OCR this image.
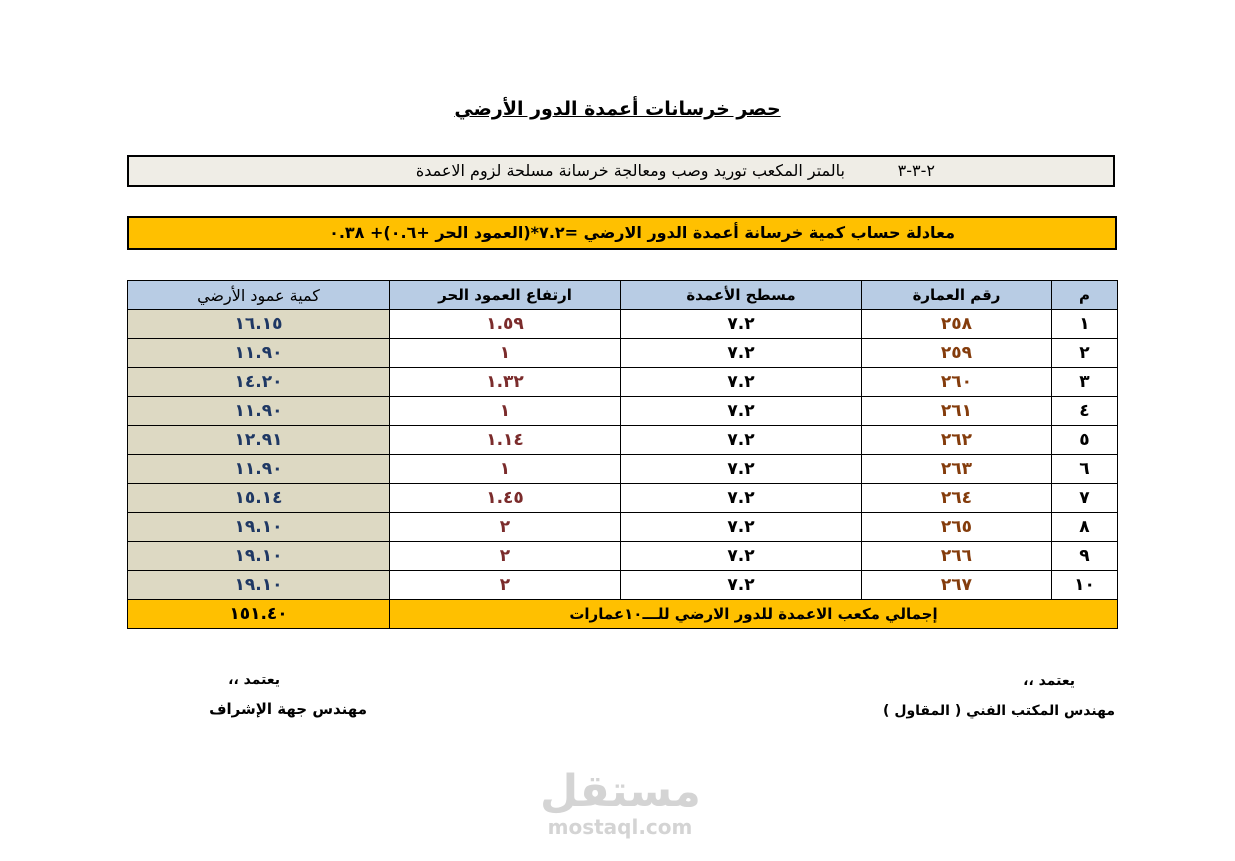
حصر خرسانات أعمدة الدور الأرضي
٢-٣-٣
بالمتر المكعب توريد وصب ومعالجة خرسانة مسلحة لزوم الاعمدة
معادلة حساب كمية خرسانة أعمدة الدور الارضي =٧.٢*(العمود الحر +٠.٦)+ ٠.٣٨
م	رقم العمارة	مسطح الأعمدة	ارتفاع العمود الحر	كمية عمود الأرضي
١	٢٥٨	٧.٢	١.٥٩	١٦.١٥
٢	٢٥٩	٧.٢	١	١١.٩٠
٣	٢٦٠	٧.٢	١.٣٢	١٤.٢٠
٤	٢٦١	٧.٢	١	١١.٩٠
٥	٢٦٢	٧.٢	١.١٤	١٢.٩١
٦	٢٦٣	٧.٢	١	١١.٩٠
٧	٢٦٤	٧.٢	١.٤٥	١٥.١٤
٨	٢٦٥	٧.٢	٢	١٩.١٠
٩	٢٦٦	٧.٢	٢	١٩.١٠
١٠	٢٦٧	٧.٢	٢	١٩.١٠
إجمالي مكعب الاعمدة للدور الارضي للـــ١٠عمارات				١٥١.٤٠
يعتمد ،،
مهندس المكتب الفني ( المقاول )
يعتمد ،،
مهندس جهة الإشراف
مستقل
mostaql.com
